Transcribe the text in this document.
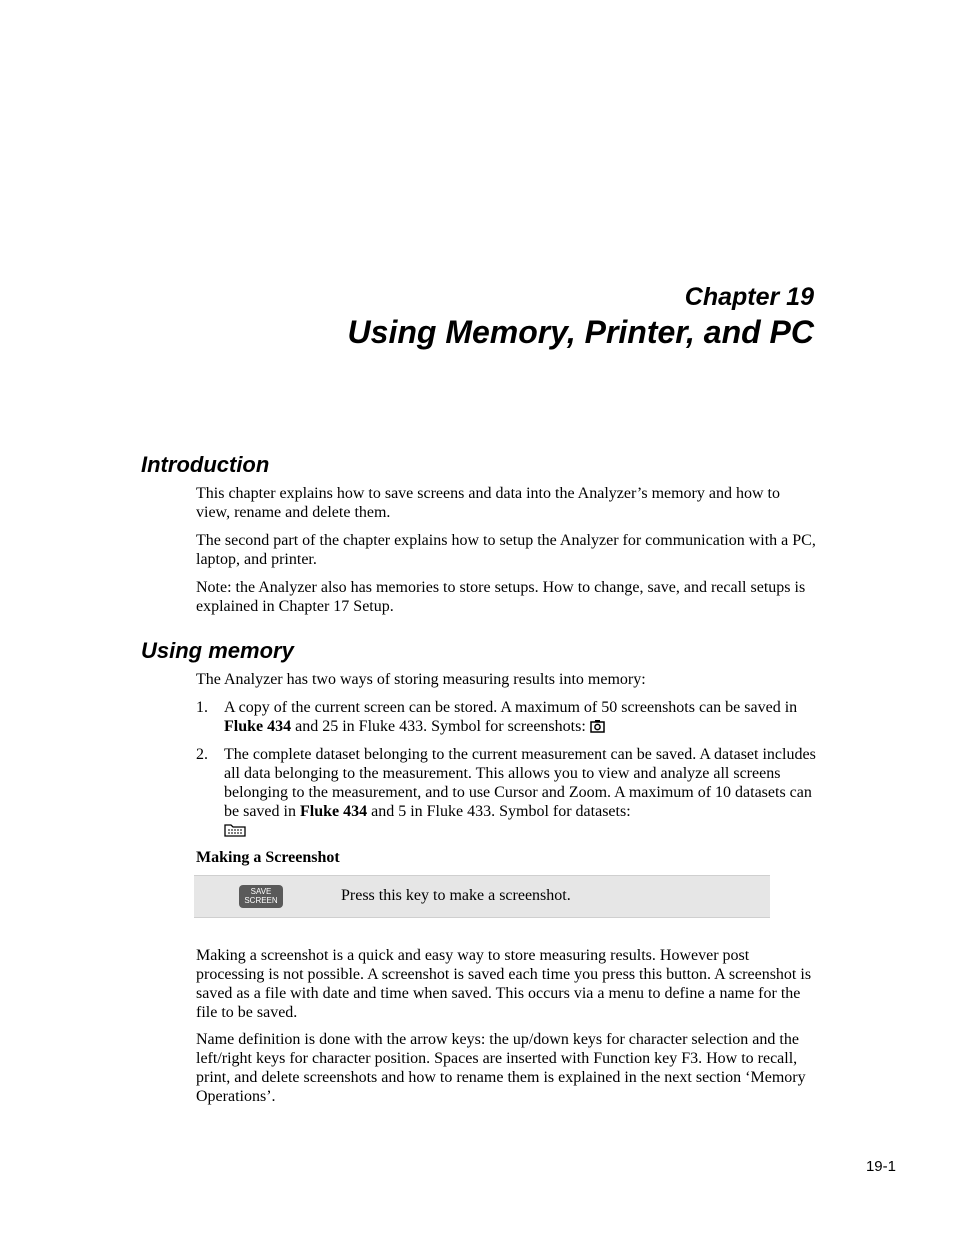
Chapter 19

Using Memory, Printer, and PC

Introduction

This chapter explains how to save screens and data into the Analyzer’s memory and how to view, rename and delete them.

The second part of the chapter explains how to setup the Analyzer for communication with a PC, laptop, and printer.

Note: the Analyzer also has memories to store setups. How to change, save, and recall setups is explained in Chapter 17 Setup.

Using memory

The Analyzer has two ways of storing measuring results into memory:

1. A copy of the current screen can be stored. A maximum of 50 screenshots can be saved in Fluke 434 and 25 in Fluke 433. Symbol for screenshots:
2. The complete dataset belonging to the current measurement can be saved. A dataset includes all data belonging to the measurement. This allows you to view and analyze all screens belonging to the measurement, and to use Cursor and Zoom. A maximum of 10 datasets can be saved in Fluke 434 and 5 in Fluke 433. Symbol for datasets:

Making a Screenshot

SAVE
SCREEN	Press this key to make a screenshot.

Making a screenshot is a quick and easy way to store measuring results. However post processing is not possible. A screenshot is saved each time you press this button. A screenshot is saved as a file with date and time when saved. This occurs via a menu to define a name for the file to be saved.

Name definition is done with the arrow keys: the up/down keys for character selection and the left/right keys for character position. Spaces are inserted with Function key F3. How to recall, print, and delete screenshots and how to rename them is explained in the next section ‘Memory Operations’.

19-1
